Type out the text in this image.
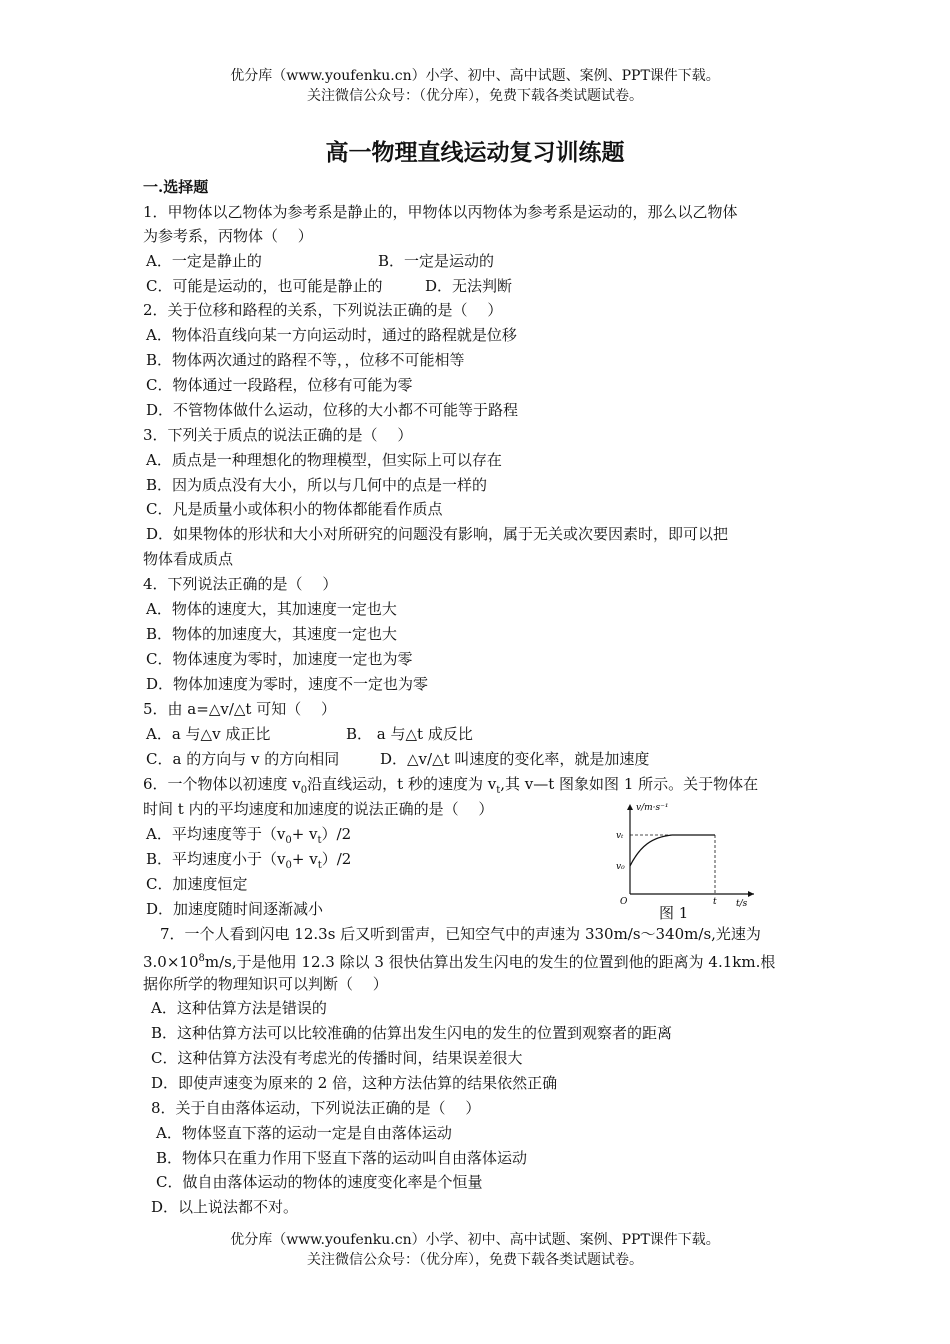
优分库（www.youfenku.cn）小学、初中、高中试题、案例、PPT课件下载。
关注微信公众号：（优分库），免费下载各类试题试卷。
高一物理直线运动复习训练题
一.选择题
1．甲物体以乙物体为参考系是静止的，甲物体以丙物体为参考系是运动的，那么以乙物体
为参考系，丙物体（　 ）
A．一定是静止的	B．一定是运动的
C．可能是运动的，也可能是静止的	D．无法判断
2．关于位移和路程的关系，下列说法正确的是（　 ）
A．物体沿直线向某一方向运动时，通过的路程就是位移
B．物体两次通过的路程不等，，位移不可能相等
C．物体通过一段路程，位移有可能为零
D．不管物体做什么运动，位移的大小都不可能等于路程
3．下列关于质点的说法正确的是（　 ）
A．质点是一种理想化的物理模型，但实际上可以存在
B．因为质点没有大小，所以与几何中的点是一样的
C．凡是质量小或体积小的物体都能看作质点
D．如果物体的形状和大小对所研究的问题没有影响，属于无关或次要因素时，即可以把
物体看成质点
4．下列说法正确的是（　 ）
A．物体的速度大，其加速度一定也大
B．物体的加速度大，其速度一定也大
C．物体速度为零时，加速度一定也为零
D．物体加速度为零时，速度不一定也为零
5．由 a=△v/△t 可知（　 ）
A．a 与△v 成正比	B． a 与△t 成反比
C．a 的方向与 v 的方向相同	D．△v/△t 叫速度的变化率，就是加速度
6．一个物体以初速度 $v_0$沿直线运动，t 秒的速度为 $v_t$,其 v—t 图象如图 1 所示。关于物体在
时间 t 内的平均速度和加速度的说法正确的是（　 ）
A．平均速度等于$(v_0+ v_t)/2$
B．平均速度小于$(v_0+ v_t)/2$
C．加速度恒定
D．加速度随时间逐渐减小
v/m·s⁻¹
t/s
vₜ
v₀
O	t
图 1
7．一个人看到闪电 12.3s 后又听到雷声，已知空气中的声速为 330m/s～340m/s,光速为
$3.0\times 10^8m/s$,于是他用 12.3 除以 3 很快估算出发生闪电的发生的位置到他的距离为 4.1km.根
据你所学的物理知识可以判断（　 ）
A．这种估算方法是错误的
B．这种估算方法可以比较准确的估算出发生闪电的发生的位置到观察者的距离
C．这种估算方法没有考虑光的传播时间，结果误差很大
D．即使声速变为原来的 2 倍，这种方法估算的结果依然正确
8．关于自由落体运动，下列说法正确的是（　 ）
A．物体竖直下落的运动一定是自由落体运动
B．物体只在重力作用下竖直下落的运动叫自由落体运动
C．做自由落体运动的物体的速度变化率是个恒量
D．以上说法都不对。
优分库（www.youfenku.cn）小学、初中、高中试题、案例、PPT课件下载。
关注微信公众号：（优分库），免费下载各类试题试卷。
